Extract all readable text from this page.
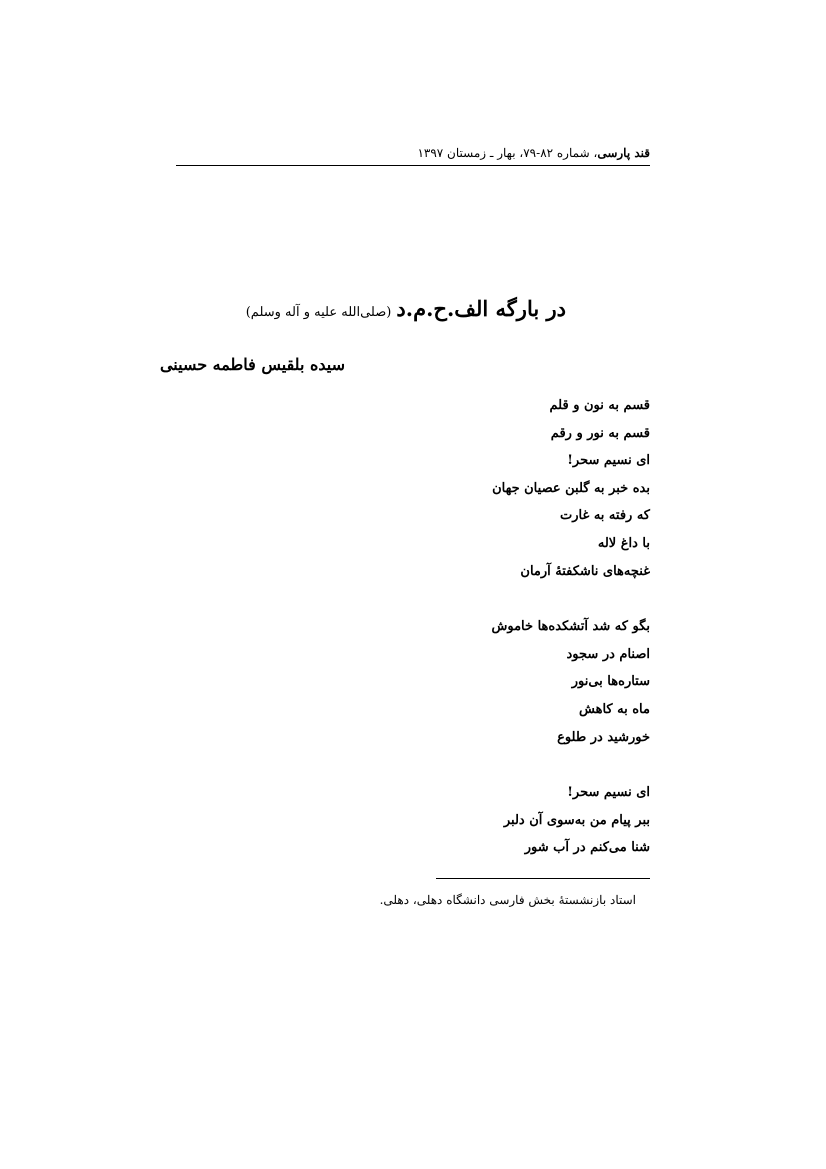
قند پارسی، شماره ۸۲-۷۹، بهار ـ زمستان ۱۳۹۷
در بارگه الف.ح.م.د (صلی‌الله علیه و آله وسلم)
سیده بلقیس فاطمه حسینی
قسم به نون و قلم
قسم به نور و رقم
ای نسیم سحر!
بده خبر به گلبن عصیان جهان
که رفته به غارت
با داغ لاله
غنچه‌های ناشکفتهٔ آرمان
بگو که شد آتشکده‌ها خاموش
اصنام در سجود
ستاره‌ها بی‌نور
ماه به کاهش
خورشید در طلوع
ای نسیم سحر!
ببر پیام من به‌سوی آن دلبر
شنا می‌کنم در آب شور
استاد بازنشستهٔ بخش فارسی دانشگاه دهلی، دهلی.
